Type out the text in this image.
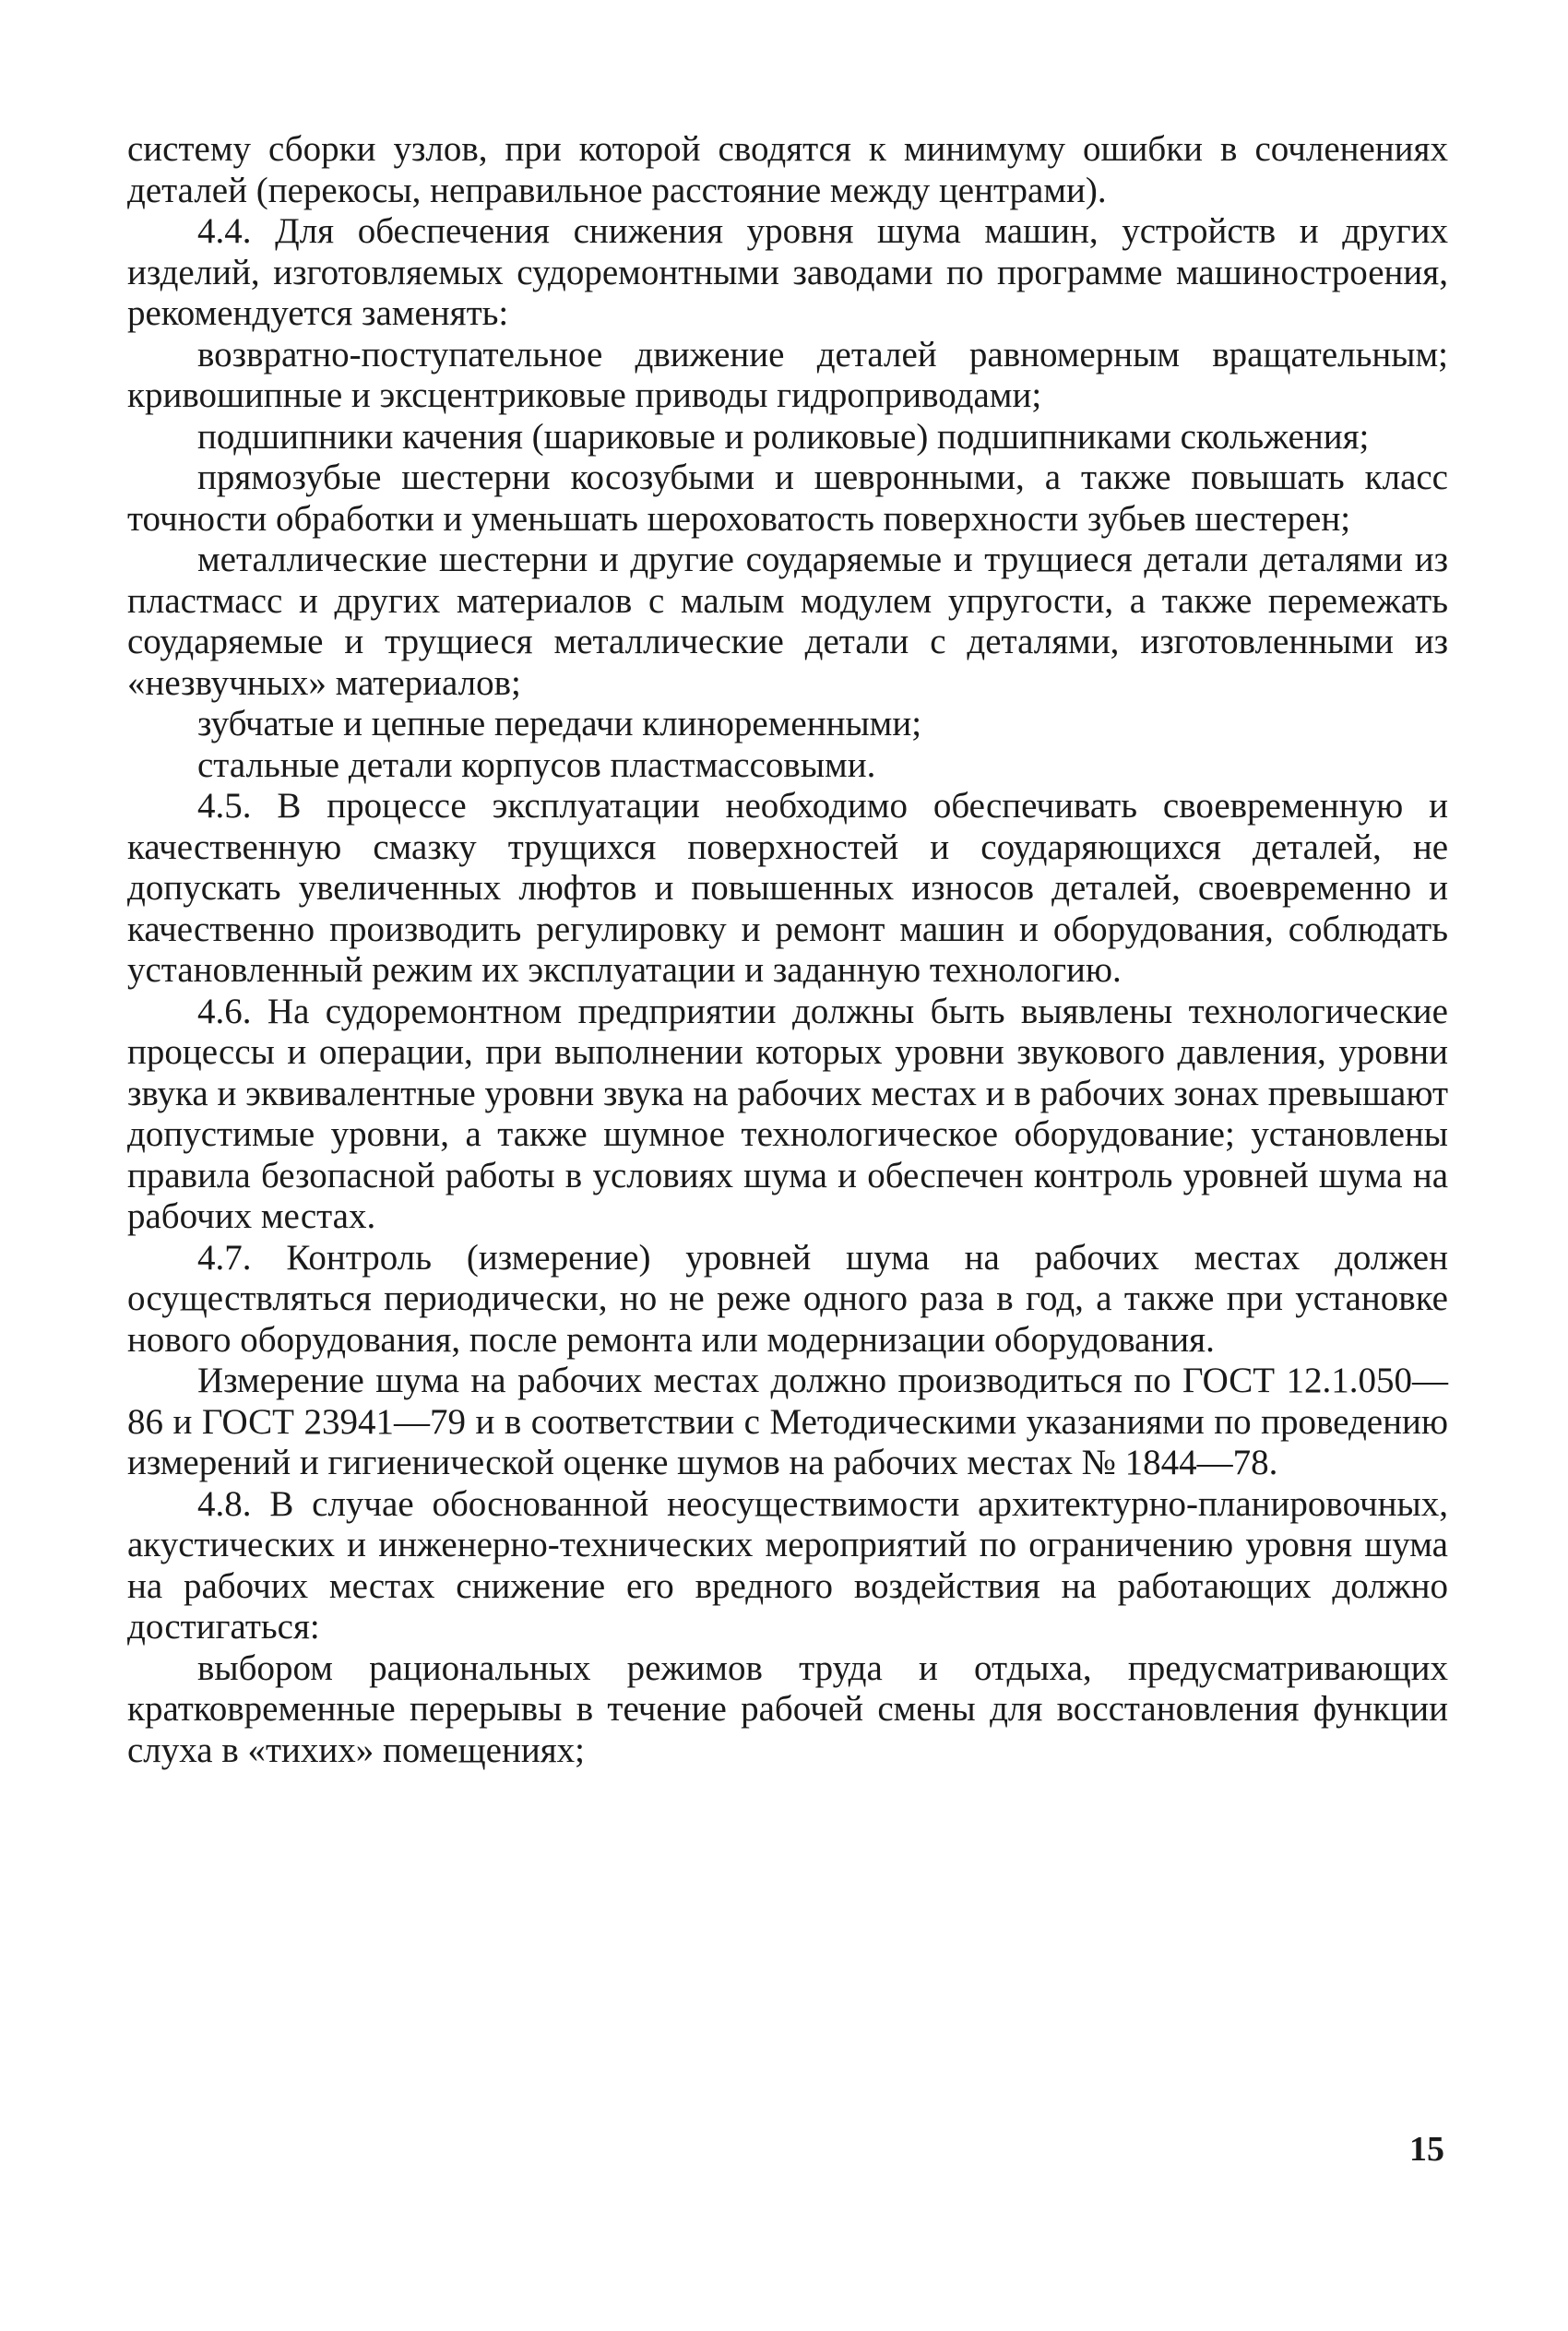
систему сборки узлов, при которой сводятся к минимуму ошибки в сочленениях деталей (перекосы, неправильное расстояние между центрами).

4.4. Для обеспечения снижения уровня шума машин, устройств и других изделий, изготовляемых судоремонтными заводами по программе машиностроения, рекомендуется заменять:

возвратно-поступательное движение деталей равномерным вращательным; кривошипные и эксцентриковые приводы гидроприводами;

подшипники качения (шариковые и роликовые) подшипниками скольжения;

прямозубые шестерни косозубыми и шевронными, а также повышать класс точности обработки и уменьшать шероховатость поверхности зубьев шестерен;

металлические шестерни и другие соударяемые и трущиеся детали деталями из пластмасс и других материалов с малым модулем упругости, а также перемежать соударяемые и трущиеся металлические детали с деталями, изготовленными из «незвучных» материалов;

зубчатые и цепные передачи клиноременными;

стальные детали корпусов пластмассовыми.

4.5. В процессе эксплуатации необходимо обеспечивать своевременную и качественную смазку трущихся поверхностей и соударяющихся деталей, не допускать увеличенных люфтов и повышенных износов деталей, своевременно и качественно производить регулировку и ремонт машин и оборудования, соблюдать установленный режим их эксплуатации и заданную технологию.

4.6. На судоремонтном предприятии должны быть выявлены технологические процессы и операции, при выполнении которых уровни звукового давления, уровни звука и эквивалентные уровни звука на рабочих местах и в рабочих зонах превышают допустимые уровни, а также шумное технологическое оборудование; установлены правила безопасной работы в условиях шума и обеспечен контроль уровней шума на рабочих местах.

4.7. Контроль (измерение) уровней шума на рабочих местах должен осуществляться периодически, но не реже одного раза в год, а также при установке нового оборудования, после ремонта или модернизации оборудования.

Измерение шума на рабочих местах должно производиться по ГОСТ 12.1.050—86 и ГОСТ 23941—79 и в соответствии с Методическими указаниями по проведению измерений и гигиенической оценке шумов на рабочих местах № 1844—78.

4.8. В случае обоснованной неосуществимости архитектурно-планировочных, акустических и инженерно-технических мероприятий по ограничению уровня шума на рабочих местах снижение его вредного воздействия на работающих должно достигаться:

выбором рациональных режимов труда и отдыха, предусматривающих кратковременные перерывы в течение рабочей смены для восстановления функции слуха в «тихих» помещениях;

15
